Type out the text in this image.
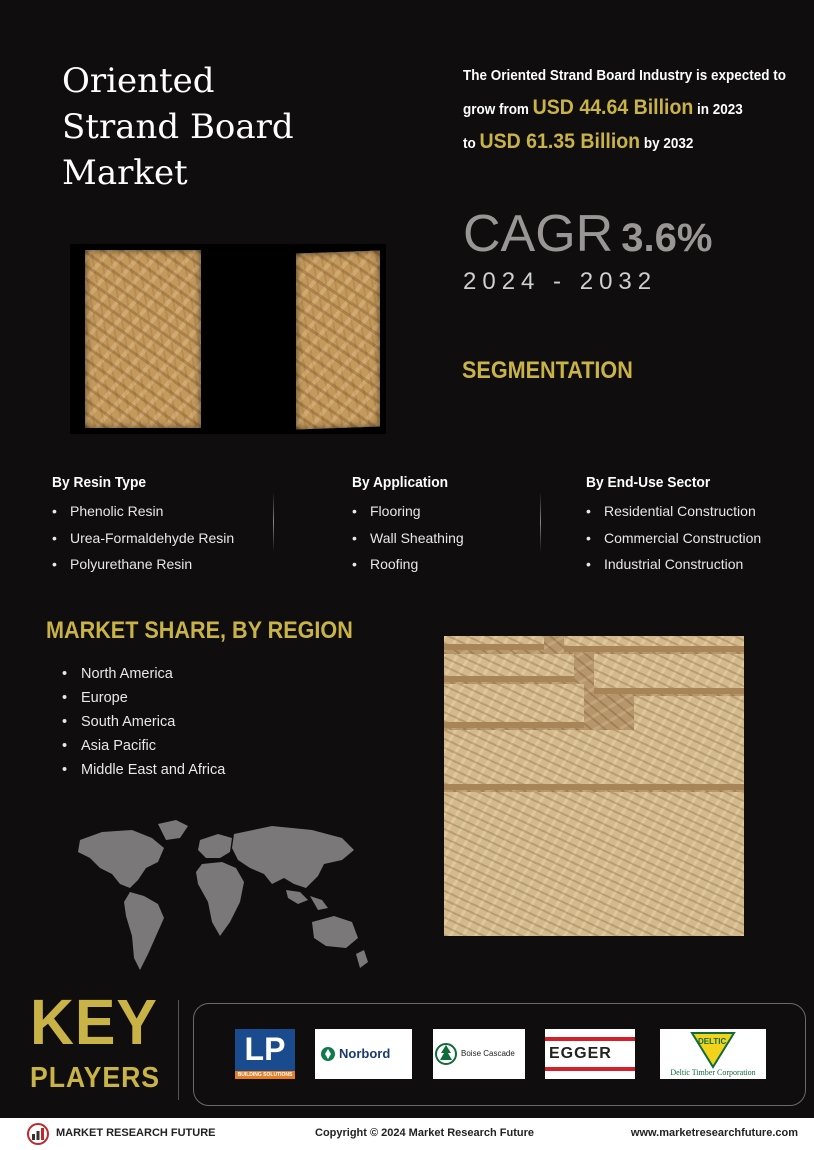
Oriented
Strand Board
Market
The Oriented Strand Board Industry is expected to
grow from USD 44.64 Billion in 2023
to USD 61.35 Billion by 2032
CAGR 3.6%
2024 - 2032
SEGMENTATION
By Resin Type
• Phenolic Resin
• Urea-Formaldehyde Resin
• Polyurethane Resin
By Application
• Flooring
• Wall Sheathing
• Roofing
By End-Use Sector
• Residential Construction
• Commercial Construction
• Industrial Construction
MARKET SHARE, BY REGION
• North America
• Europe
• South America
• Asia Pacific
• Middle East and Africa
KEY
PLAYERS
LP
BUILDING SOLUTIONS
Norbord	Boise Cascade EGGER
DELTIC
Deltic Timber Corporation
MARKET RESEARCH FUTURE	Copyright © 2024 Market Research Future	www.marketresearchfuture.com
